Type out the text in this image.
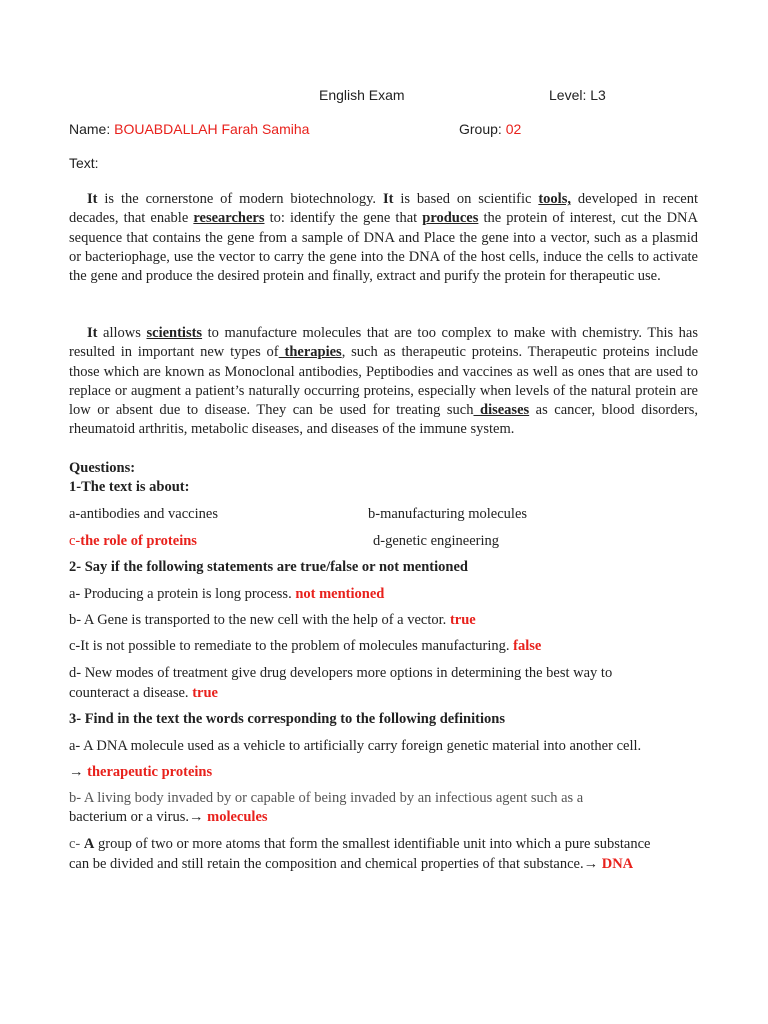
English Exam	Level: L3
Name: BOUABDALLAH Farah Samiha	Group: 02
Text:
It is the cornerstone of modern biotechnology. It is based on scientific tools, developed in recent decades, that enable researchers to: identify the gene that produces the protein of interest, cut the DNA sequence that contains the gene from a sample of DNA and Place the gene into a vector, such as a plasmid or bacteriophage, use the vector to carry the gene into the DNA of the host cells, induce the cells to activate the gene and produce the desired protein and finally, extract and purify the protein for therapeutic use.
It allows scientists to manufacture molecules that are too complex to make with chemistry. This has resulted in important new types of therapies, such as therapeutic proteins. Therapeutic proteins include those which are known as Monoclonal antibodies, Peptibodies and vaccines as well as ones that are used to replace or augment a patient’s naturally occurring proteins, especially when levels of the natural protein are low or absent due to disease. They can be used for treating such diseases as cancer, blood disorders, rheumatoid arthritis, metabolic diseases, and diseases of the immune system.
Questions:
1-The text is about:
a-antibodies and vaccines	b-manufacturing molecules
c-the role of proteins	d-genetic engineering
2- Say if the following statements are true/false or not mentioned
a- Producing a protein is long process. not mentioned
b- A Gene is transported to the new cell with the help of a vector. true
c-It is not possible to remediate to the problem of molecules manufacturing. false
d- New modes of treatment give drug developers more options in determining the best way to
counteract a disease. true
3- Find in the text the words corresponding to the following definitions
a- A DNA molecule used as a vehicle to artificially carry foreign genetic material into another cell.
→ therapeutic proteins
b- A living body invaded by or capable of being invaded by an infectious agent such as a
bacterium or a virus.→ molecules
c- A group of two or more atoms that form the smallest identifiable unit into which a pure substance
can be divided and still retain the composition and chemical properties of that substance.→ DNA
